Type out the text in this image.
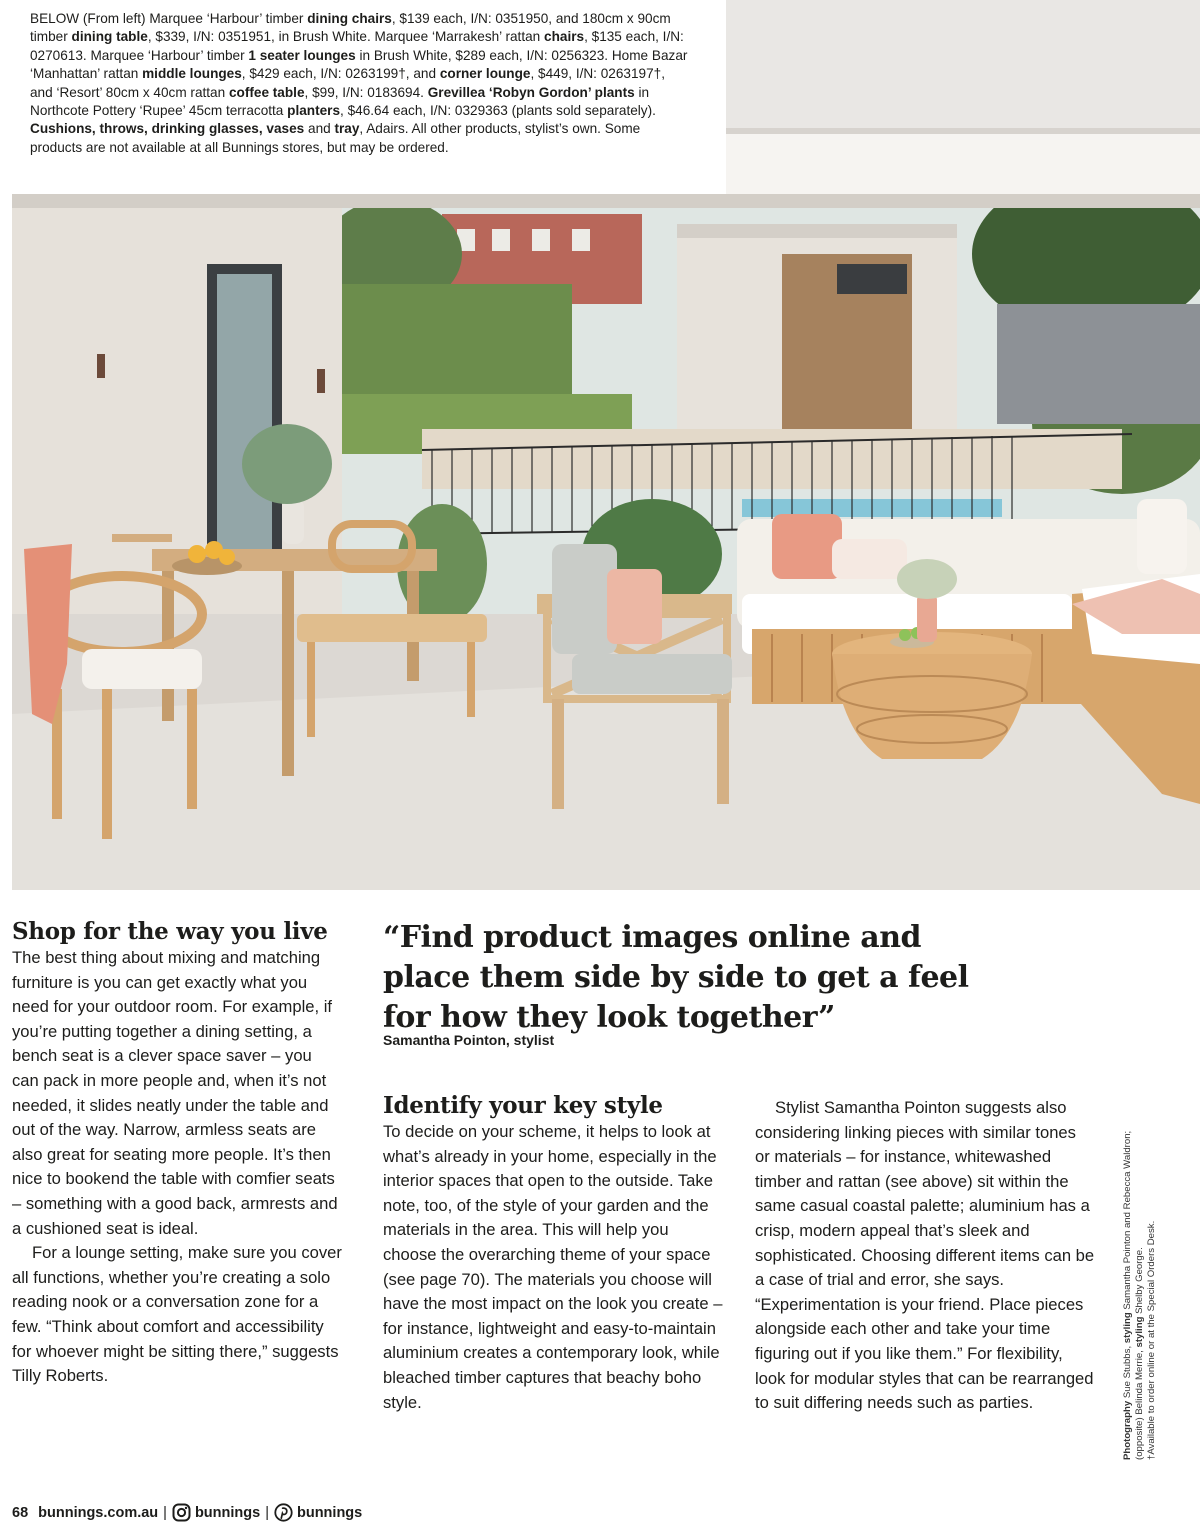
BELOW (From left) Marquee ‘Harbour’ timber dining chairs, $139 each, I/N: 0351950, and 180cm x 90cm timber dining table, $339, I/N: 0351951, in Brush White. Marquee ‘Marrakesh’ rattan chairs, $135 each, I/N: 0270613. Marquee ‘Harbour’ timber 1 seater lounges in Brush White, $289 each, I/N: 0256323. Home Bazar ‘Manhattan’ rattan middle lounges, $429 each, I/N: 0263199†, and corner lounge, $449, I/N: 0263197†, and ‘Resort’ 80cm x 40cm rattan coffee table, $99, I/N: 0183694. Grevillea ‘Robyn Gordon’ plants in Northcote Pottery ‘Rupee’ 45cm terracotta planters, $46.64 each, I/N: 0329363 (plants sold separately). Cushions, throws, drinking glasses, vases and tray, Adairs. All other products, stylist’s own. Some products are not available at all Bunnings stores, but may be ordered.
Shop for the way you live

The best thing about mixing and matching furniture is you can get exactly what you need for your outdoor room. For example, if you’re putting together a dining setting, a bench seat is a clever space saver – you can pack in more people and, when it’s not needed, it slides neatly under the table and out of the way. Narrow, armless seats are also great for seating more people. It’s then nice to bookend the table with comfier seats – something with a good back, armrests and a cushioned seat is ideal.

For a lounge setting, make sure you cover all functions, whether you’re creating a solo reading nook or a conversation zone for a few. “Think about comfort and accessibility for whoever might be sitting there,” suggests Tilly Roberts.

“Find product images online and place them side by side to get a feel for how they look together”
Samantha Pointon, stylist
Identify your key style

To decide on your scheme, it helps to look at what’s already in your home, especially in the interior spaces that open to the outside. Take note, too, of the style of your garden and the materials in the area. This will help you choose the overarching theme of your space (see page 70). The materials you choose will have the most impact on the look you create – for instance, lightweight and easy-to-maintain aluminium creates a contemporary look, while bleached timber captures that beachy boho style.

Stylist Samantha Pointon suggests also considering linking pieces with similar tones or materials – for instance, whitewashed timber and rattan (see above) sit within the same casual coastal palette; aluminium has a crisp, modern appeal that’s sleek and sophisticated. Choosing different items can be a case of trial and error, she says. “Experimentation is your friend. Place pieces alongside each other and take your time figuring out if you like them.” For flexibility, look for modular styles that can be rearranged to suit differing needs such as parties.	Photography Sue Stubbs, styling Samantha Pointon and Rebecca Waldron; (opposite) Belinda Merrie, styling Shelby George. †Available to order online or at the Special Orders Desk.
68 bunnings.com.au | bunnings | bunnings
